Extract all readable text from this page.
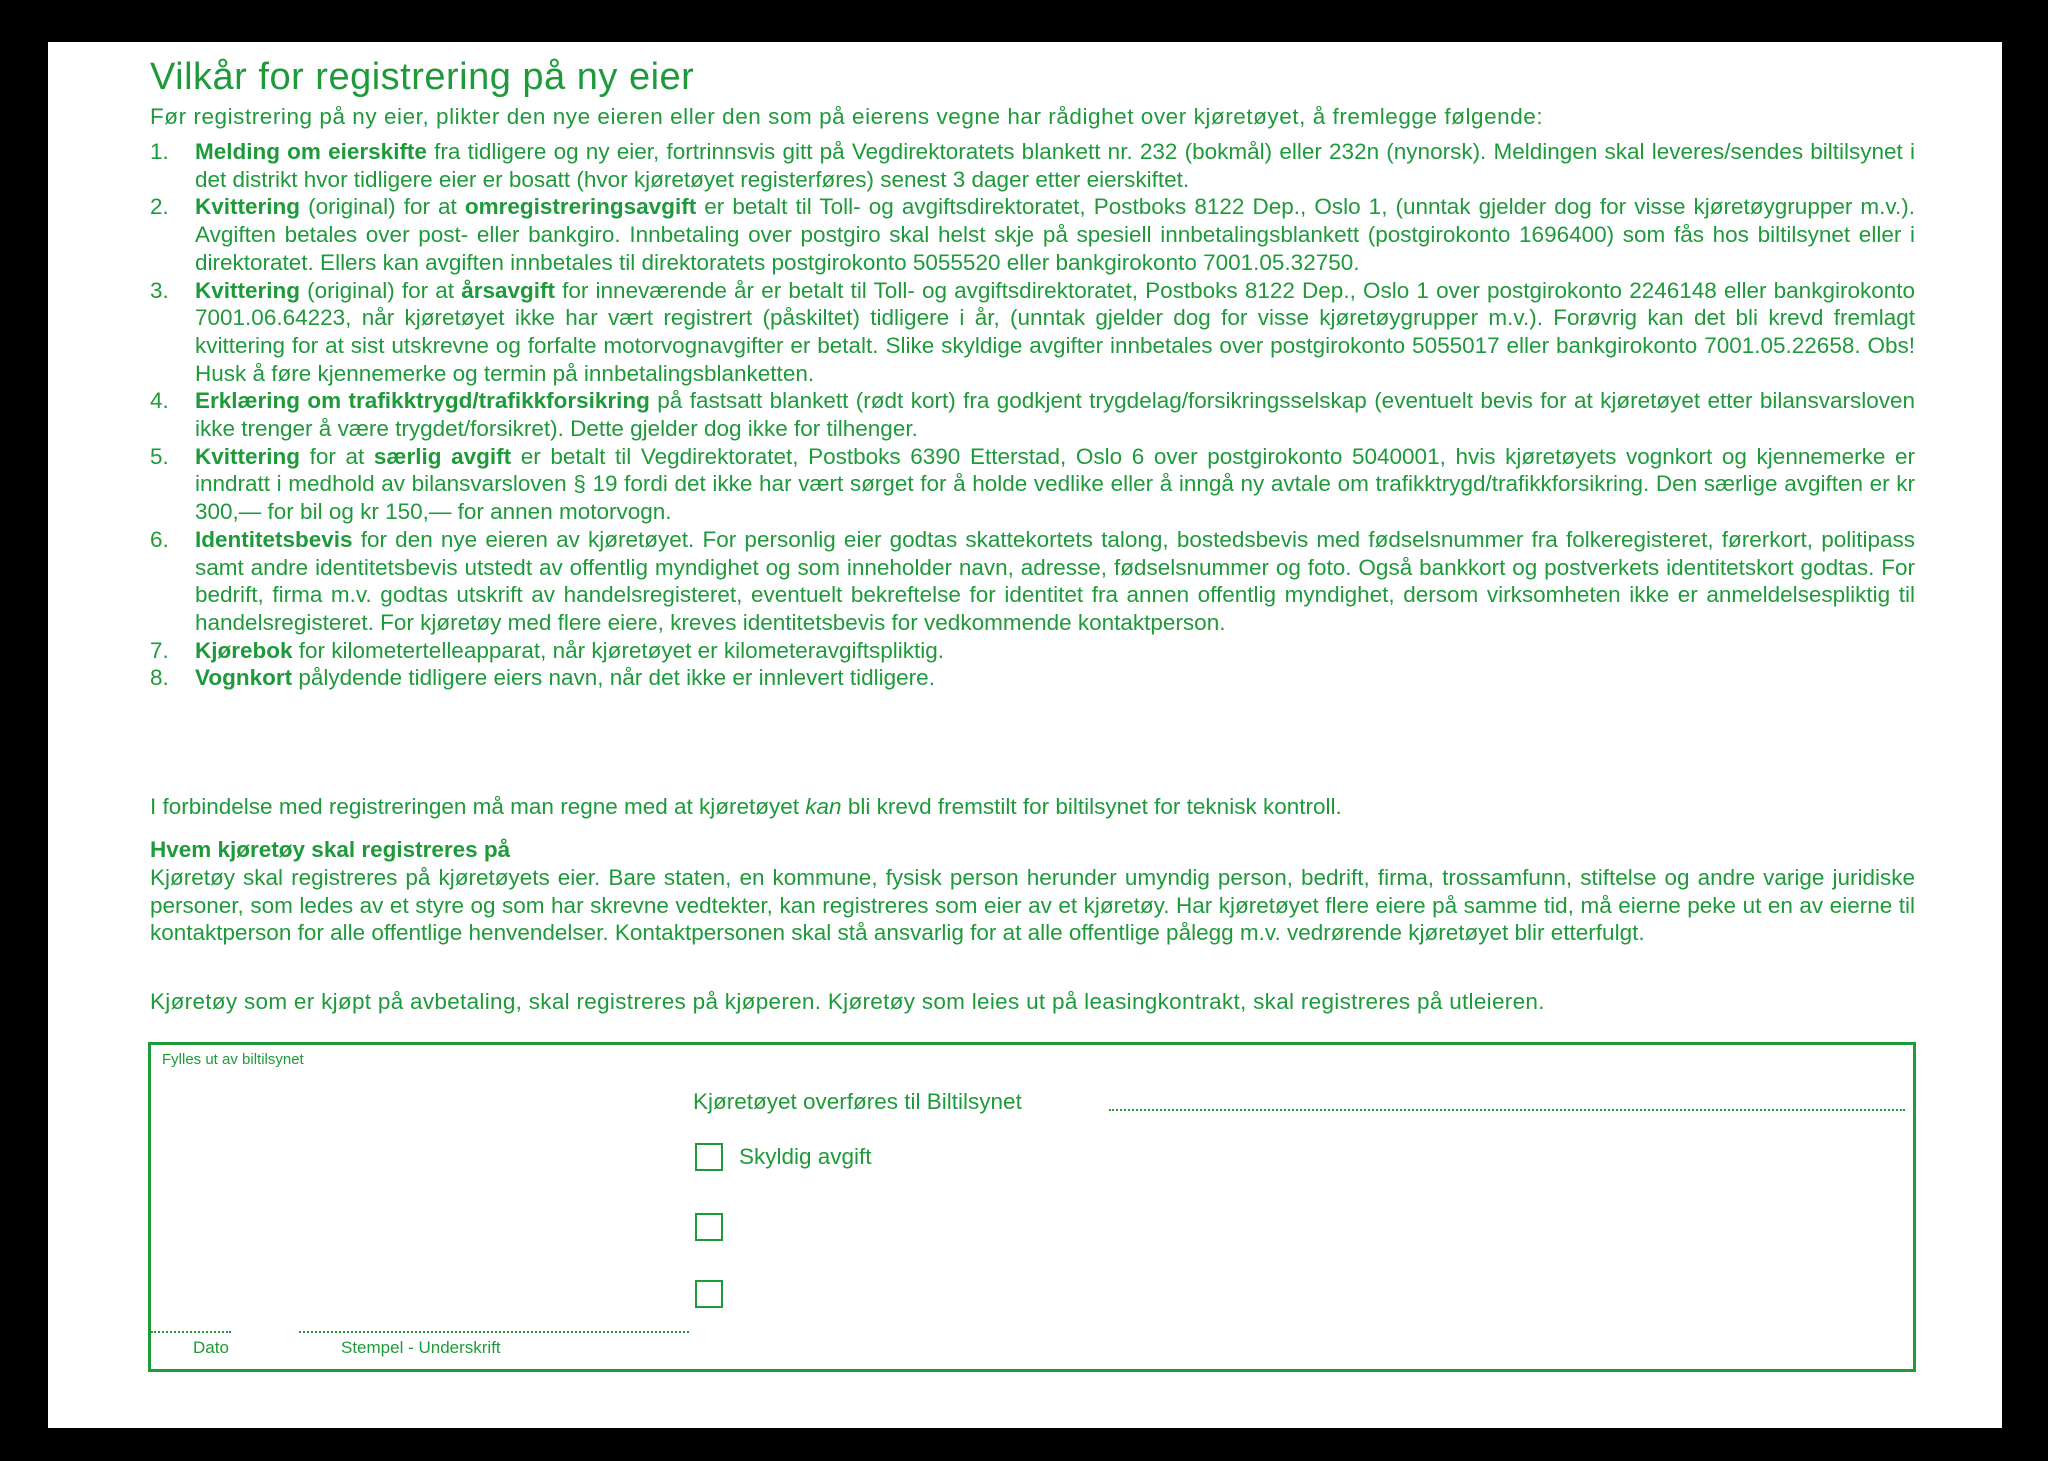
Vilkår for registrering på ny eier
Før registrering på ny eier, plikter den nye eieren eller den som på eierens vegne har rådighet over kjøretøyet, å fremlegge følgende:
1. Melding om eierskifte fra tidligere og ny eier, fortrinnsvis gitt på Vegdirektoratets blankett nr. 232 (bokmål) eller 232n (nynorsk). Meldingen skal leveres/sendes biltilsynet i det distrikt hvor tidligere eier er bosatt (hvor kjøretøyet registerføres) senest 3 dager etter eierskiftet.
2. Kvittering (original) for at omregistreringsavgift er betalt til Toll- og avgiftsdirektoratet, Postboks 8122 Dep., Oslo 1, (unntak gjelder dog for visse kjøretøygrupper m.v.). Avgiften betales over post- eller bankgiro. Innbetaling over postgiro skal helst skje på spesiell innbetalingsblankett (postgirokonto 1696400) som fås hos biltilsynet eller i direktoratet. Ellers kan avgiften innbetales til direktoratets postgirokonto 5055520 eller bankgirokonto 7001.05.32750.
3. Kvittering (original) for at årsavgift for inneværende år er betalt til Toll- og avgiftsdirektoratet, Postboks 8122 Dep., Oslo 1 over postgirokonto 2246148 eller bankgirokonto 7001.06.64223, når kjøretøyet ikke har vært registrert (påskiltet) tidligere i år, (unntak gjelder dog for visse kjøretøygrupper m.v.). Forøvrig kan det bli krevd fremlagt kvittering for at sist utskrevne og forfalte motorvognavgifter er betalt. Slike skyldige avgifter innbetales over postgirokonto 5055017 eller bankgirokonto 7001.05.22658. Obs! Husk å føre kjennemerke og termin på innbetalingsblanketten.
4. Erklæring om trafikktrygd/trafikkforsikring på fastsatt blankett (rødt kort) fra godkjent trygdelag/forsikringsselskap (eventuelt bevis for at kjøretøyet etter bilansvarsloven ikke trenger å være trygdet/forsikret). Dette gjelder dog ikke for tilhenger.
5. Kvittering for at særlig avgift er betalt til Vegdirektoratet, Postboks 6390 Etterstad, Oslo 6 over postgirokonto 5040001, hvis kjøretøyets vognkort og kjennemerke er inndratt i medhold av bilansvarsloven § 19 fordi det ikke har vært sørget for å holde vedlike eller å inngå ny avtale om trafikktrygd/trafikkforsikring. Den særlige avgiften er kr 300,— for bil og kr 150,— for annen motorvogn.
6. Identitetsbevis for den nye eieren av kjøretøyet. For personlig eier godtas skattekortets talong, bostedsbevis med fødselsnummer fra folkeregisteret, førerkort, politipass samt andre identitetsbevis utstedt av offentlig myndighet og som inneholder navn, adresse, fødselsnummer og foto. Også bankkort og postverkets identitetskort godtas. For bedrift, firma m.v. godtas utskrift av handelsregisteret, eventuelt bekreftelse for identitet fra annen offentlig myndighet, dersom virksomheten ikke er anmeldelsespliktig til handelsregisteret. For kjøretøy med flere eiere, kreves identitetsbevis for vedkommende kontaktperson.
7. Kjørebok for kilometertelleapparat, når kjøretøyet er kilometeravgiftspliktig.
8. Vognkort pålydende tidligere eiers navn, når det ikke er innlevert tidligere.
I forbindelse med registreringen må man regne med at kjøretøyet kan bli krevd fremstilt for biltilsynet for teknisk kontroll.
Hvem kjøretøy skal registreres på
Kjøretøy skal registreres på kjøretøyets eier. Bare staten, en kommune, fysisk person herunder umyndig person, bedrift, firma, trossamfunn, stiftelse og andre varige juridiske personer, som ledes av et styre og som har skrevne vedtekter, kan registreres som eier av et kjøretøy. Har kjøretøyet flere eiere på samme tid, må eierne peke ut en av eierne til kontaktperson for alle offentlige henvendelser. Kontaktpersonen skal stå ansvarlig for at alle offentlige pålegg m.v. vedrørende kjøretøyet blir etterfulgt.
Kjøretøy som er kjøpt på avbetaling, skal registreres på kjøperen. Kjøretøy som leies ut på leasingkontrakt, skal registreres på utleieren.
Fylles ut av biltilsynet
Kjøretøyet overføres til Biltilsynet
Skyldig avgift
Dato	Stempel - Underskrift
